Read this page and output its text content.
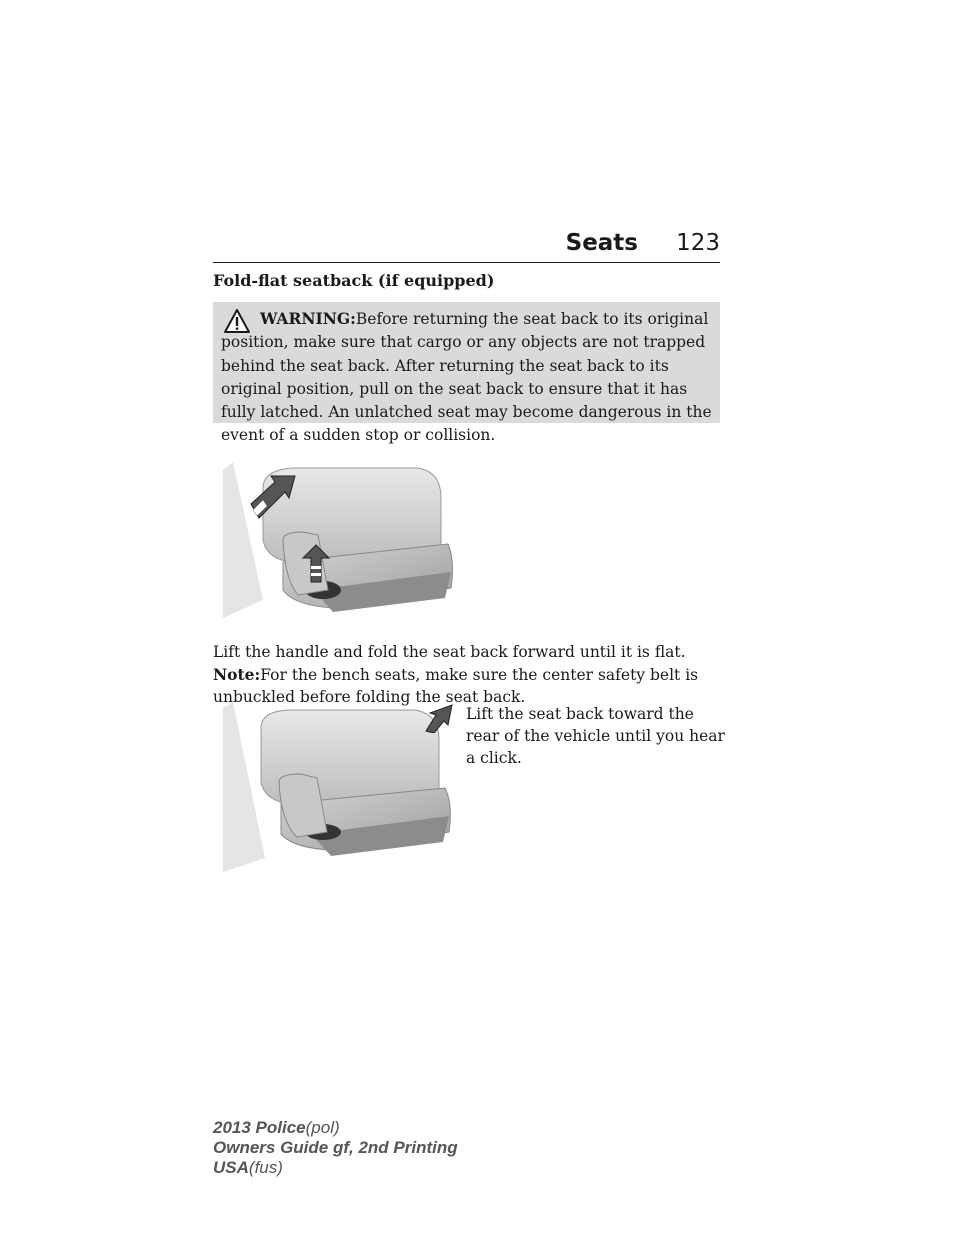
Seats 123
Fold-flat seatback (if equipped)
WARNING:Before returning the seat back to its original
position, make sure that cargo or any objects are not trapped behind the seat back. After returning the seat back to its original position, pull on the seat back to ensure that it has fully latched. An unlatched seat may become dangerous in the event of a sudden stop or collision.
Lift the handle and fold the seat back forward until it is flat.
Note:For the bench seats, make sure the center safety belt is unbuckled before folding the seat back.
Lift the seat back toward the rear of the vehicle until you hear a click.
2013 Police(pol)
Owners Guide gf, 2nd Printing
USA(fus)
